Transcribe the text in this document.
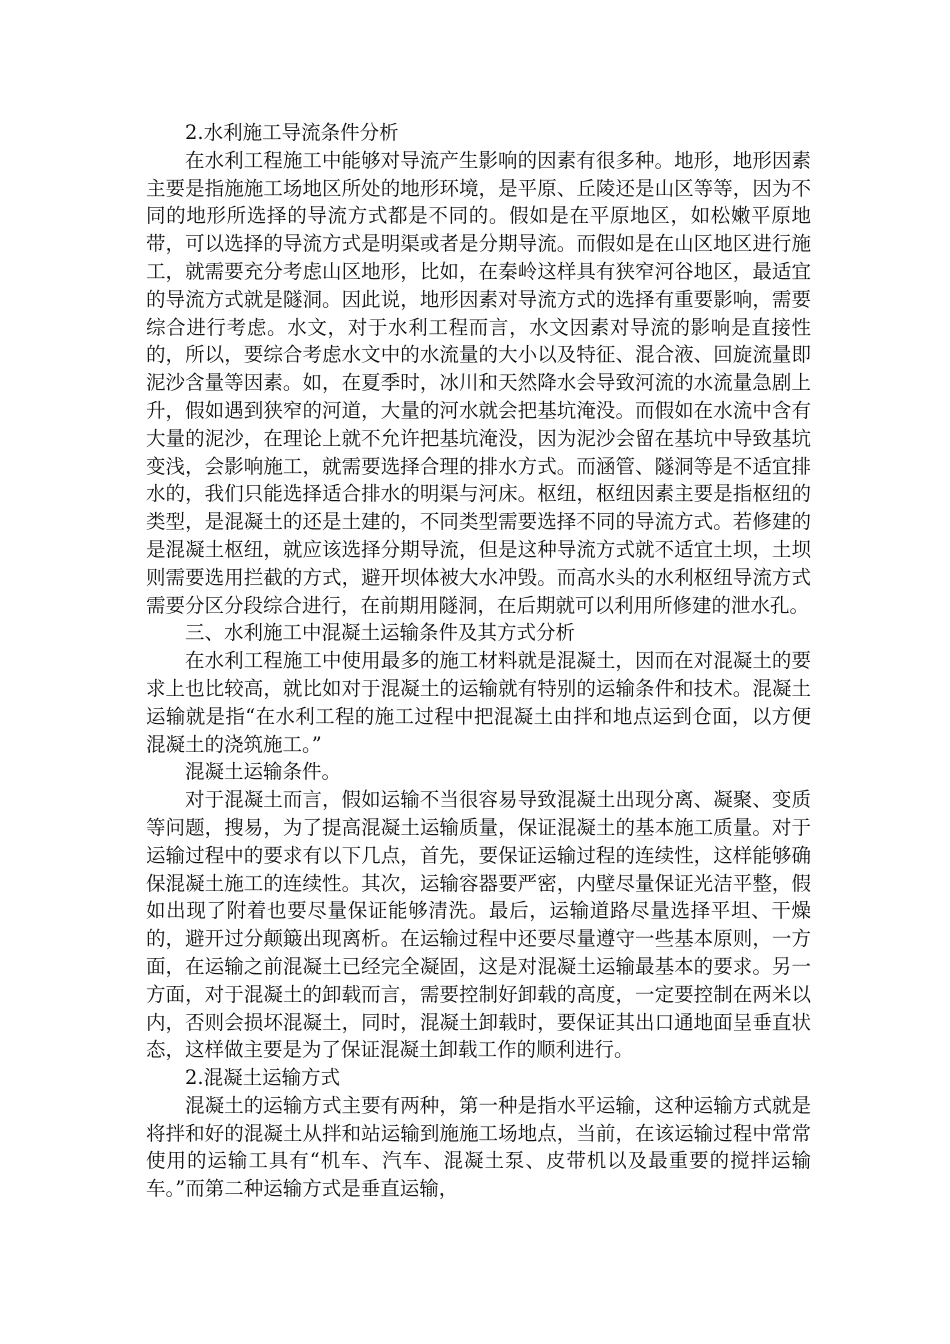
2.水利施工导流条件分析

在水利工程施工中能够对导流产生影响的因素有很多种。地形，地形因素主要是指施施工场地区所处的地形环境，是平原、丘陵还是山区等等，因为不同的地形所选择的导流方式都是不同的。假如是在平原地区，如松嫩平原地带，可以选择的导流方式是明渠或者是分期导流。而假如是在山区地区进行施工，就需要充分考虑山区地形，比如，在秦岭这样具有狭窄河谷地区，最适宜的导流方式就是隧洞。因此说，地形因素对导流方式的选择有重要影响，需要综合进行考虑。水文，对于水利工程而言，水文因素对导流的影响是直接性的，所以，要综合考虑水文中的水流量的大小以及特征、混合液、回旋流量即泥沙含量等因素。如，在夏季时，冰川和天然降水会导致河流的水流量急剧上升，假如遇到狭窄的河道，大量的河水就会把基坑淹没。而假如在水流中含有大量的泥沙，在理论上就不允许把基坑淹没，因为泥沙会留在基坑中导致基坑变浅，会影响施工，就需要选择合理的排水方式。而涵管、隧洞等是不适宜排水的，我们只能选择适合排水的明渠与河床。枢纽，枢纽因素主要是指枢纽的类型，是混凝土的还是土建的，不同类型需要选择不同的导流方式。若修建的是混凝土枢纽，就应该选择分期导流，但是这种导流方式就不适宜土坝，土坝则需要选用拦截的方式，避开坝体被大水冲毁。而高水头的水利枢纽导流方式需要分区分段综合进行，在前期用隧洞，在后期就可以利用所修建的泄水孔。

三、水利施工中混凝土运输条件及其方式分析

在水利工程施工中使用最多的施工材料就是混凝土，因而在对混凝土的要求上也比较高，就比如对于混凝土的运输就有特别的运输条件和技术。混凝土运输就是指“在水利工程的施工过程中把混凝土由拌和地点运到仓面，以方便混凝土的浇筑施工。”

混凝土运输条件。

对于混凝土而言，假如运输不当很容易导致混凝土出现分离、凝聚、变质等问题，搜易，为了提高混凝土运输质量，保证混凝土的基本施工质量。对于运输过程中的要求有以下几点，首先，要保证运输过程的连续性，这样能够确保混凝土施工的连续性。其次，运输容器要严密，内壁尽量保证光洁平整，假如出现了附着也要尽量保证能够清洗。最后，运输道路尽量选择平坦、干燥的，避开过分颠簸出现离析。在运输过程中还要尽量遵守一些基本原则，一方面，在运输之前混凝土已经完全凝固，这是对混凝土运输最基本的要求。另一方面，对于混凝土的卸载而言，需要控制好卸载的高度，一定要控制在两米以内，否则会损坏混凝土，同时，混凝土卸载时，要保证其出口通地面呈垂直状态，这样做主要是为了保证混凝土卸载工作的顺利进行。

2.混凝土运输方式

混凝土的运输方式主要有两种，第一种是指水平运输，这种运输方式就是将拌和好的混凝土从拌和站运输到施施工场地点，当前，在该运输过程中常常使用的运输工具有“机车、汽车、混凝土泵、皮带机以及最重要的搅拌运输车。”而第二种运输方式是垂直运输，
